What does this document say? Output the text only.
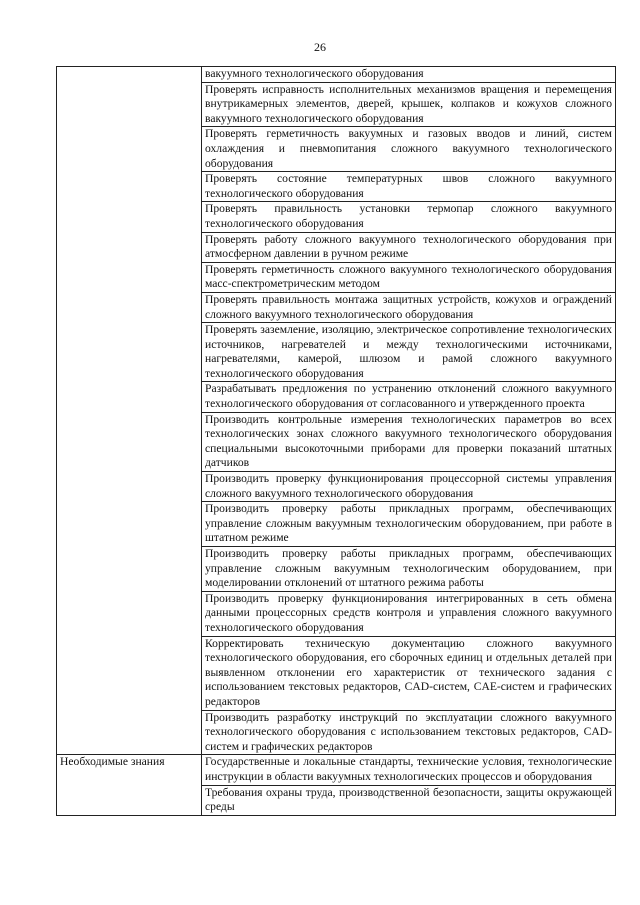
26
	вакуумного технологического оборудования
	Проверять исправность исполнительных механизмов вращения и перемещения внутрикамерных элементов, дверей, крышек, колпаков и кожухов сложного вакуумного технологического оборудования
	Проверять герметичность вакуумных и газовых вводов и линий, систем охлаждения и пневмопитания сложного вакуумного технологического оборудования
	Проверять состояние температурных швов сложного вакуумного технологического оборудования
	Проверять правильность установки термопар сложного вакуумного технологического оборудования
	Проверять работу сложного вакуумного технологического оборудования при атмосферном давлении в ручном режиме
	Проверять герметичность сложного вакуумного технологического оборудования масс-спектрометрическим методом
	Проверять правильность монтажа защитных устройств, кожухов и ограждений сложного вакуумного технологического оборудования
	Проверять заземление, изоляцию, электрическое сопротивление технологических источников, нагревателей и между технологическими источниками, нагревателями, камерой, шлюзом и рамой сложного вакуумного технологического оборудования
	Разрабатывать предложения по устранению отклонений сложного вакуумного технологического оборудования от согласованного и утвержденного проекта
	Производить контрольные измерения технологических параметров во всех технологических зонах сложного вакуумного технологического оборудования специальными высокоточными приборами для проверки показаний штатных датчиков
	Производить проверку функционирования процессорной системы управления сложного вакуумного технологического оборудования
	Производить проверку работы прикладных программ, обеспечивающих управление сложным вакуумным технологическим оборудованием, при работе в штатном режиме
	Производить проверку работы прикладных программ, обеспечивающих управление сложным вакуумным технологическим оборудованием, при моделировании отклонений от штатного режима работы
	Производить проверку функционирования интегрированных в сеть обмена данными процессорных средств контроля и управления сложного вакуумного технологического оборудования
	Корректировать техническую документацию сложного вакуумного технологического оборудования, его сборочных единиц и отдельных деталей при выявленном отклонении его характеристик от технического задания с использованием текстовых редакторов, CAD-систем, CAE-систем и графических редакторов
	Производить разработку инструкций по эксплуатации сложного вакуумного технологического оборудования с использованием текстовых редакторов, CAD-систем и графических редакторов
Необходимые знания	Государственные и локальные стандарты, технические условия, технологические инструкции в области вакуумных технологических процессов и оборудования
	Требования охраны труда, производственной безопасности, защиты окружающей среды
